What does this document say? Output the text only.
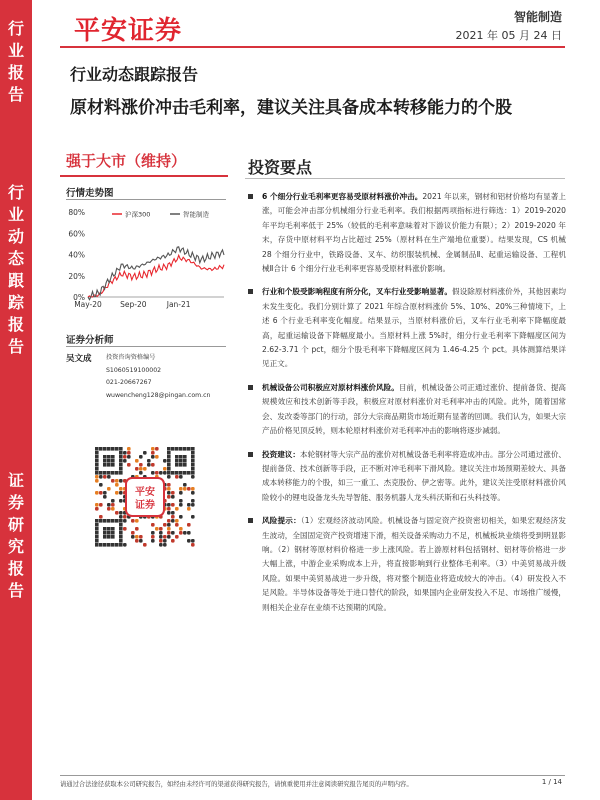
行
业
报
告
行
业
动
态
跟
踪
报
告
证
券
研
究
报
告
平安证券	智能制造
2021 年 05 月 24 日
行业动态跟踪报告
原材料涨价冲击毛利率，建议关注具备成本转移能力的个股
强于大市（维持）	投资要点
行情走势图
0%
20%
40%
60%
80%
May-20 Sep-20	Jan-21
沪深300	智能制造
证券分析师
吴文成 投资咨询资格编号
S1060519100002
021-20667267
wuwencheng128@pingan.com.cn
平安
证券
6 个细分行业毛利率更容易受原材料涨价冲击。2021 年以来，钢材和铝材价格均有显著上涨，可能会冲击部分机械细分行业毛利率。我们根据两项指标进行筛选：1）2019-2020 年平均毛利率低于 25%（较低的毛利率意味着对下游议价能力有限）；2）2019-2020 年末，存货中原材料平均占比超过 25%（原材料在生产端地位重要）。结果发现，CS 机械 28 个细分行业中，铁路设备、叉车、纺织服装机械、金属制品Ⅱ、起重运输设备、工程机械Ⅱ合计 6 个细分行业毛利率更容易受原材料涨价影响。
行业和个股受影响程度有所分化，叉车行业受影响显著。假设除原材料涨价外，其他因素均未发生变化。我们分别计算了 2021 年综合原材料涨价 5%、10%、20%三种情境下，上述 6 个行业毛利率变化幅度。结果显示，当原材料涨价后，叉车行业毛利率下降幅度最高，起重运输设备下降幅度最小。当原材料上涨 5%时，细分行业毛利率下降幅度区间为 2.62-3.71 个 pct，细分个股毛利率下降幅度区间为 1.46-4.25 个 pct。具体测算结果详见正文。
机械设备公司积极应对原材料涨价风险。目前，机械设备公司正通过涨价、提前备货、提高规模效应和技术创新等手段，积极应对原材料涨价对毛利率冲击的风险。此外，随着国常会、发改委等部门的行动，部分大宗商品期货市场近期有显著的回调。我们认为，如果大宗产品价格见顶反转，则本轮原材料涨价对毛利率冲击的影响将逐步减弱。
投资建议：本轮钢材等大宗产品的涨价对机械设备毛利率将造成冲击。部分公司通过涨价、提前备货、技术创新等手段，正不断对冲毛利率下滑风险。建议关注市场预期差较大、具备成本转移能力的个股，如三一重工、杰克股份、伊之密等。此外，建议关注受原材料涨价风险较小的锂电设备龙头先导智能、服务机器人龙头科沃斯和石头科技等。
风险提示：（1）宏观经济波动风险。机械设备与固定资产投资密切相关，如果宏观经济发生波动，全国固定资产投资增速下滑，相关设备采购动力不足，机械板块业绩将受到明显影响。（2）钢材等原材料价格进一步上涨风险。若上游原材料包括钢材、铝材等价格进一步大幅上涨，中游企业采购成本上升，将直接影响到行业整体毛利率。（3）中美贸易战升级风险。如果中美贸易战进一步升级，将对整个制造业将造成较大的冲击。（4）研发投入不足风险。半导体设备等处于进口替代的阶段，如果国内企业研发投入不足、市场推广缓慢，则相关企业存在业绩不达预期的风险。
请通过合法途径获取本公司研究报告，如经由未经许可的渠道获得研究报告，请慎重使用并注意阅读研究报告尾页的声明内容。	1 / 14
